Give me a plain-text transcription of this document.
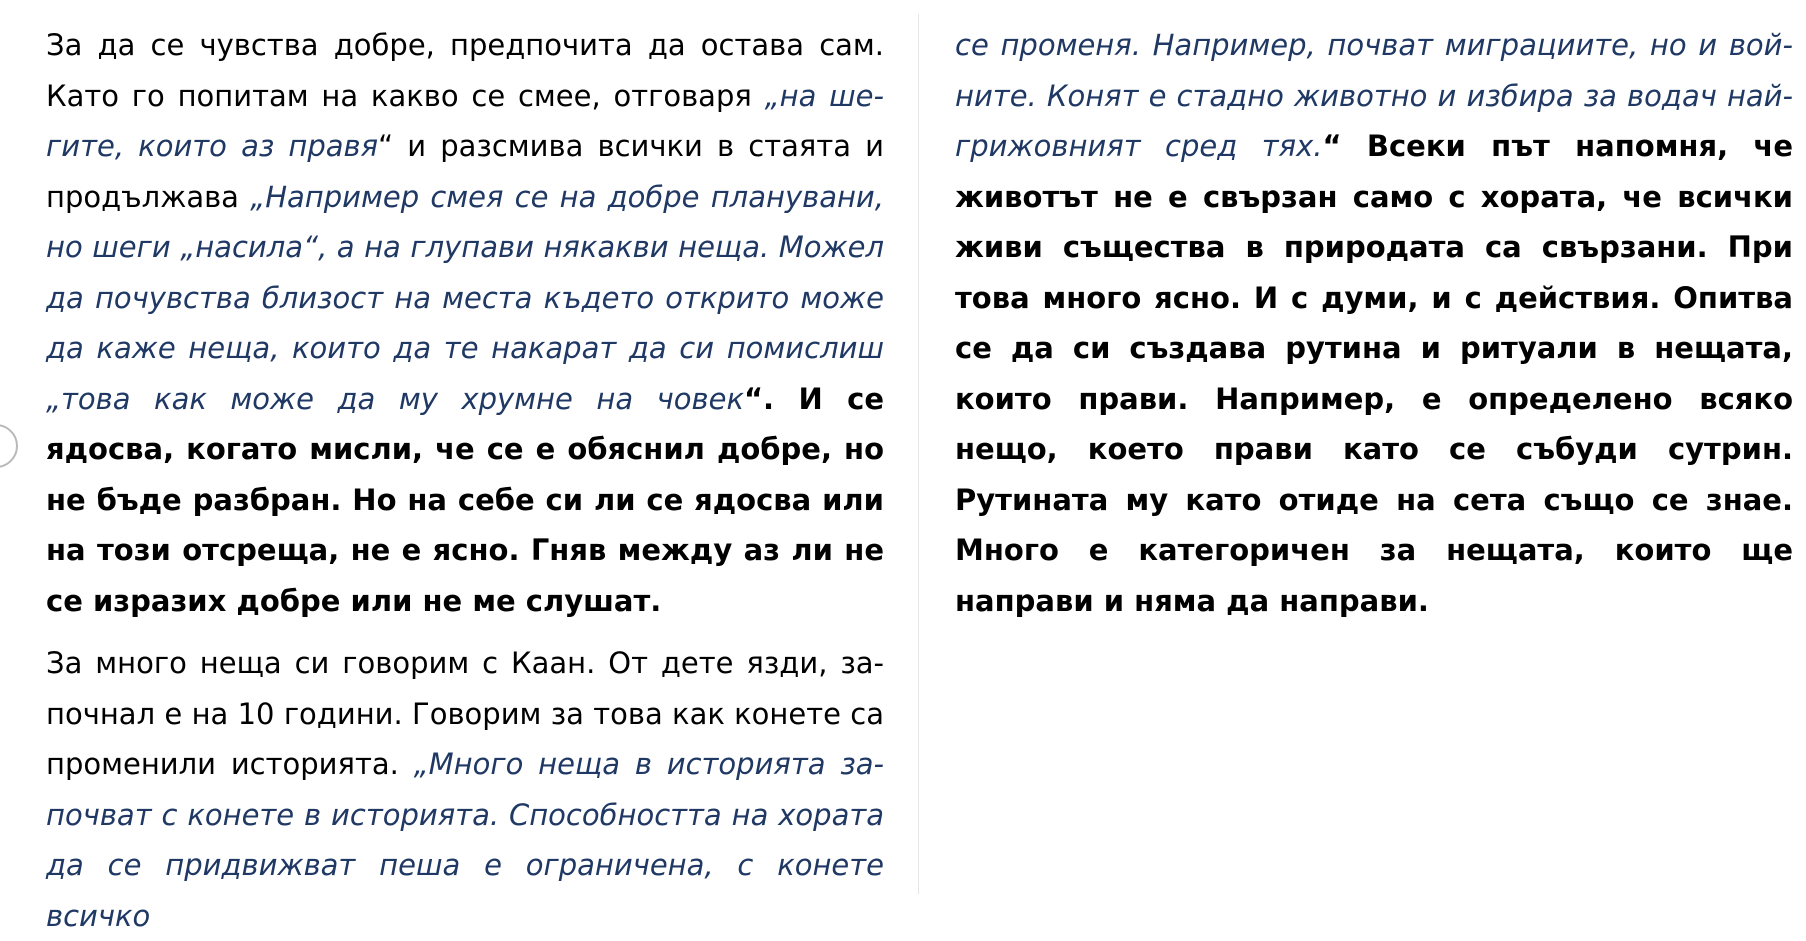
За да се чувства добре, предпочита да остава сам. Като го попитам на какво се смее, отговаря „на шегите, които аз правя“ и разсмива всички в стаята и продължава „Например смея се на добре планувани, но шеги „насила“, а на глупави някакви неща. Можел да почувства близост на места където открито може да каже неща, които да те накарат да си помислиш „това как може да му хрумне на човек“. И се ядосва, когато мисли, че се е обяснил добре, но не бъде разбран. Но на себе си ли се ядосва или на този отсреща, не е ясно. Гняв между аз ли не се изразих добре или не ме слушат.

За много неща си говорим с Каан. От дете язди, започнал е на 10 години. Говорим за това как конете са променили историята. „Много неща в историята започват с конете в историята. Способността на хората да се придвижват пеша е ограничена, с конете всичко

се променя. Например, почват миграциите, но и войните. Конят е стадно животно и избира за водач най-грижовният сред тях.“ Всеки път напомня, че животът не е свързан само с хората, че всички живи същества в природата са свързани. При това много ясно. И с думи, и с действия. Опитва се да си създава рутина и ритуали в нещата, които прави. Например, е определено всяко нещо, което прави като се събуди сутрин. Рутината му като отиде на сета също се знае. Много е категоричен за нещата, които ще направи и няма да направи.
